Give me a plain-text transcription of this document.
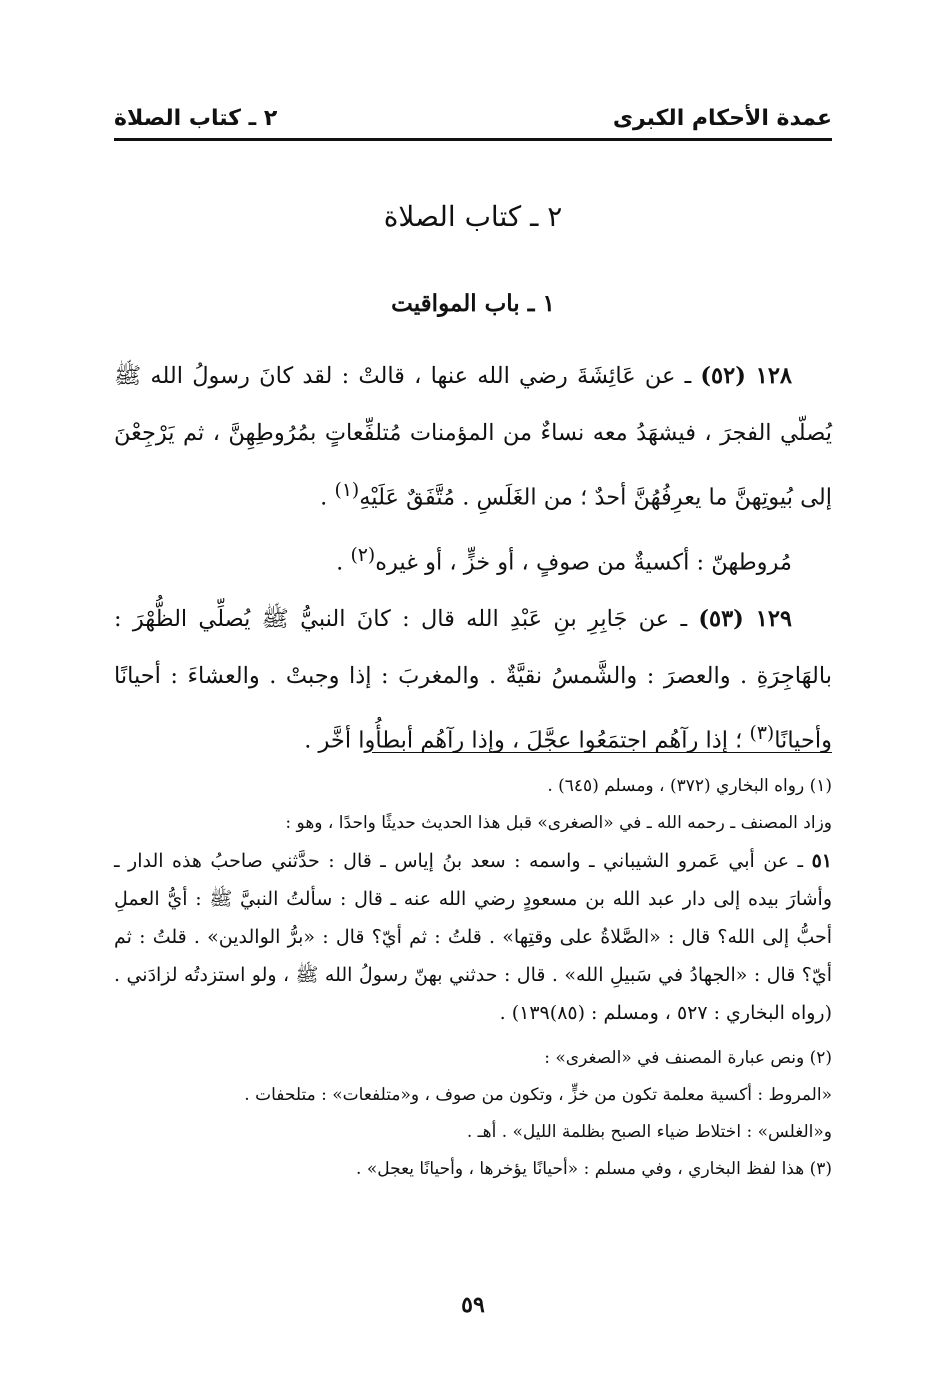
عمدة الأحكام الكبرى
٢ ـ كتاب الصلاة
٢ ـ كتاب الصلاة
١ ـ باب المواقيت

١٢٨ (٥٢) ـ عن عَائِشَةَ رضي الله عنها ، قالتْ : لقد كانَ رسولُ الله ﷺ يُصلّي الفجرَ ، فيشهَدُ معه نساءٌ من المؤمنات مُتلفِّعاتٍ بمُرُوطِهِنَّ ، ثم يَرْجِعْنَ إلى بُيوتِهنَّ ما يعرِفُهُنَّ أحدٌ ؛ من الغَلَسِ . مُتَّفَقٌ عَلَيْهِ$^{(١)}$ .

مُروطهنّ : أكسيةٌ من صوفٍ ، أو خزٍّ ، أو غيره$^{(٢)}$ .

١٢٩ (٥٣) ـ عن جَابِرِ بنِ عَبْدِ الله قال : كانَ النبيُّ ﷺ يُصلِّي الظُّهْرَ : بالهَاجِرَةِ . والعصرَ : والشَّمسُ نقيَّةٌ . والمغربَ : إذا وجبتْ . والعشاءَ : أحيانًا وأحيانًا$^{(٣)}$ ؛ إذا رآهُم اجتمَعُوا عجَّلَ ، وإذا رآهُم أبطأُوا أخَّر .

(١) رواه البخاري (٣٧٢) ، ومسلم (٦٤٥) .

وزاد المصنف ـ رحمه الله ـ في «الصغرى» قبل هذا الحديث حديثًا واحدًا ، وهو :

٥١ ـ عن أبي عَمرو الشيباني ـ واسمه : سعد بنُ إياس ـ قال : حدَّثني صاحبُ هذه الدار ـ وأشارَ بيده إلى دار عبد الله بن مسعودٍ رضي الله عنه ـ قال : سألتُ النبيَّ ﷺ : أيُّ العملِ أحبُّ إلى الله؟ قال : «الصَّلاةُ على وقتِها» . قلتُ : ثم أيّ؟ قال : «برُّ الوالدين» . قلتُ : ثم أيّ؟ قال : «الجهادُ في سَبيلِ الله» . قال : حدثني بهنّ رسولُ الله ﷺ ، ولو استزدتُه لزادَني . (رواه البخاري : ٥٢٧ ، ومسلم : (٨٥)١٣٩) .

(٢) ونص عبارة المصنف في «الصغرى» :

«المروط : أكسية معلمة تكون من خزٍّ ، وتكون من صوف ، و«متلفعات» : متلحفات .

و«الغلس» : اختلاط ضياء الصبح بظلمة الليل» . أهـ .

(٣) هذا لفظ البخاري ، وفي مسلم : «أحيانًا يؤخرها ، وأحيانًا يعجل» .

٥٩
